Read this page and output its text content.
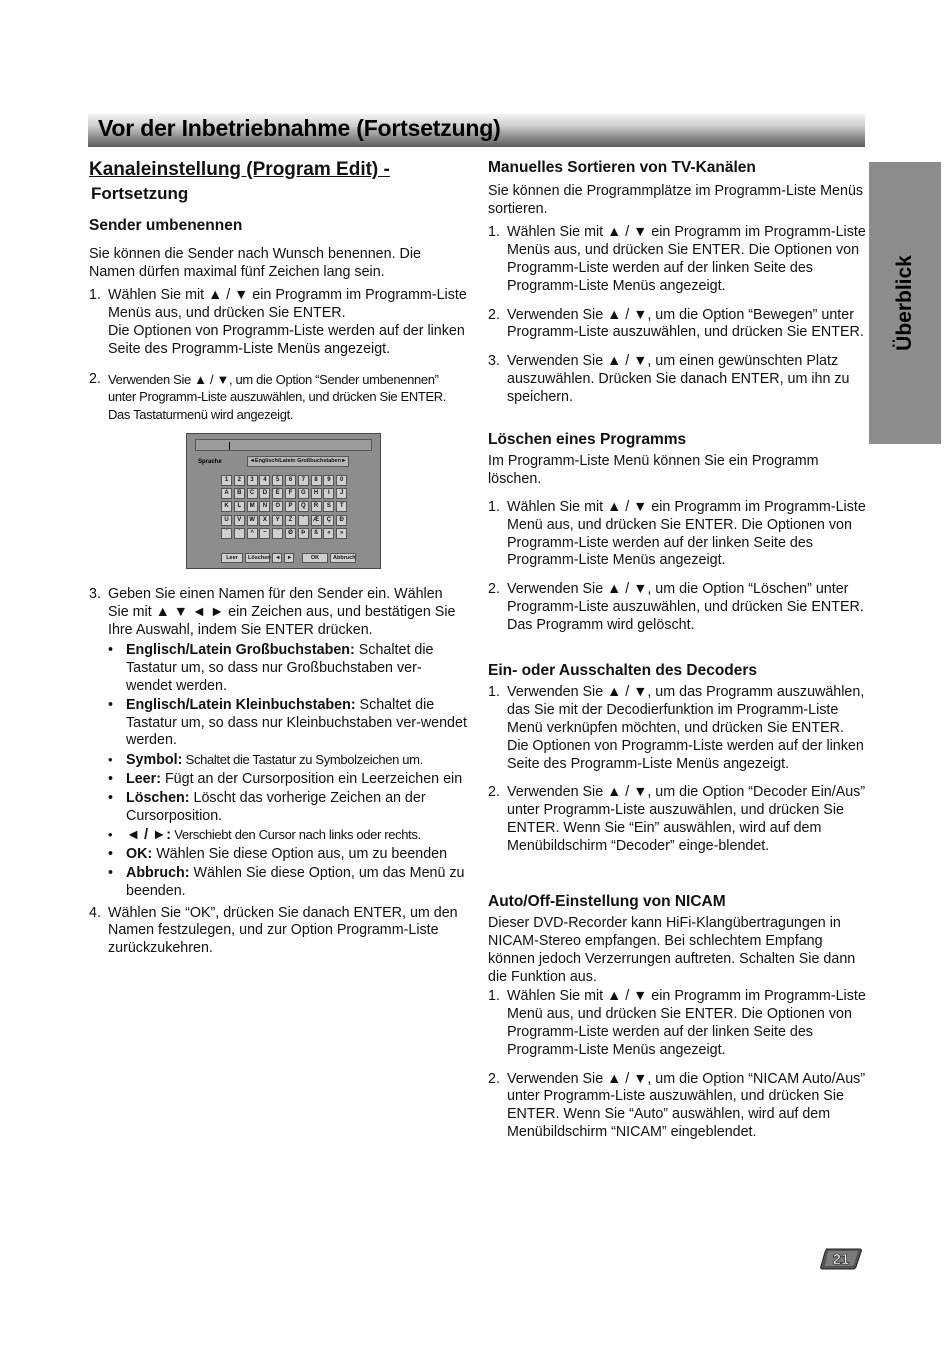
Vor der Inbetriebnahme (Fortsetzung)
Überblick
Kanaleinstellung (Program Edit) -
Fortsetzung
Sender umbenennen

Sie können die Sender nach Wunsch benennen. Die Namen dürfen maximal fünf Zeichen lang sein.

1. Wählen Sie mit ▲ / ▼ ein Programm im Programm-Liste Menüs aus, und drücken Sie ENTER.
Die Optionen von Programm-Liste werden auf der linken Seite des Programm-Liste Menüs angezeigt.
2. Verwenden Sie ▲ / ▼, um die Option “Sender umbenennen” unter Programm-Liste auszuwählen, und drücken Sie ENTER. Das Tastaturmenü wird angezeigt.
3. Geben Sie einen Namen für den Sender ein. Wählen Sie mit ▲ ▼ ◄ ► ein Zeichen aus, und bestätigen Sie Ihre Auswahl, indem Sie ENTER drücken.
• Englisch/Latein Großbuchstaben: Schaltet die Tastatur um, so dass nur Großbuchstaben ver-wendet werden.
• Englisch/Latein Kleinbuchstaben: Schaltet die Tastatur um, so dass nur Kleinbuchstaben ver-wendet werden.
• Symbol: Schaltet die Tastatur zu Symbolzeichen um.
• Leer: Fügt an der Cursorposition ein Leerzeichen ein
• Löschen: Löscht das vorherige Zeichen an der Cursorposition.
• ◄ / ►: Verschiebt den Cursor nach links oder rechts.
• OK: Wählen Sie diese Option aus, um zu beenden
• Abbruch: Wählen Sie diese Option, um das Menü zu beenden.
4. Wählen Sie “OK”, drücken Sie danach ENTER, um den Namen festzulegen, und zur Option Programm-Liste zurückzukehren.
Sprache	◄Englisch/Latein Großbuchstaben►
1	2	3	4	5	6	7	8	9	0
A	B	C	D	E	F	G	H	I	J
K	L	M	N	O	P	Q	R	S	T
U	V	W	X	Y	Z	`	Æ	Ç	Ð
`	´	^	~	¨	Ø	Þ	ß	«	»
Leer	Löschen ◄	►	OK	Abbruch
Manuelles Sortieren von TV-Kanälen

Sie können die Programmplätze im Programm-Liste Menüs sortieren.

1. Wählen Sie mit ▲ / ▼ ein Programm im Programm-Liste Menüs aus, und drücken Sie ENTER. Die Optionen von Programm-Liste werden auf der linken Seite des Programm-Liste Menüs angezeigt.
2. Verwenden Sie ▲ / ▼, um die Option “Bewegen” unter Programm-Liste auszuwählen, und drücken Sie ENTER.
3. Verwenden Sie ▲ / ▼, um einen gewünschten Platz auszuwählen. Drücken Sie danach ENTER, um ihn zu speichern.
Löschen eines Programms

Im Programm-Liste Menü können Sie ein Programm löschen.

1. Wählen Sie mit ▲ / ▼ ein Programm im Programm-Liste Menü aus, und drücken Sie ENTER. Die Optionen von Programm-Liste werden auf der linken Seite des Programm-Liste Menüs angezeigt.
2. Verwenden Sie ▲ / ▼, um die Option “Löschen” unter Programm-Liste auszuwählen, und drücken Sie ENTER. Das Programm wird gelöscht.
Ein- oder Ausschalten des Decoders
1. Verwenden Sie ▲ / ▼, um das Programm auszuwählen, das Sie mit der Decodierfunktion im Programm-Liste Menü verknüpfen möchten, und drücken Sie ENTER.
Die Optionen von Programm-Liste werden auf der linken Seite des Programm-Liste Menüs angezeigt.
2. Verwenden Sie ▲ / ▼, um die Option “Decoder Ein/Aus” unter Programm-Liste auszuwählen, und drücken Sie ENTER. Wenn Sie “Ein” auswählen, wird auf dem Menübildschirm “Decoder” einge-blendet.
Auto/Off-Einstellung von NICAM

Dieser DVD-Recorder kann HiFi-Klangübertragungen in NICAM-Stereo empfangen. Bei schlechtem Empfang können jedoch Verzerrungen auftreten. Schalten Sie dann die Funktion aus.

1. Wählen Sie mit ▲ / ▼ ein Programm im Programm-Liste Menü aus, und drücken Sie ENTER. Die Optionen von Programm-Liste werden auf der linken Seite des Programm-Liste Menüs angezeigt.
2. Verwenden Sie ▲ / ▼, um die Option “NICAM Auto/Aus” unter Programm-Liste auszuwählen, und drücken Sie ENTER. Wenn Sie “Auto” auswählen, wird auf dem Menübildschirm “NICAM” eingeblendet.
21
